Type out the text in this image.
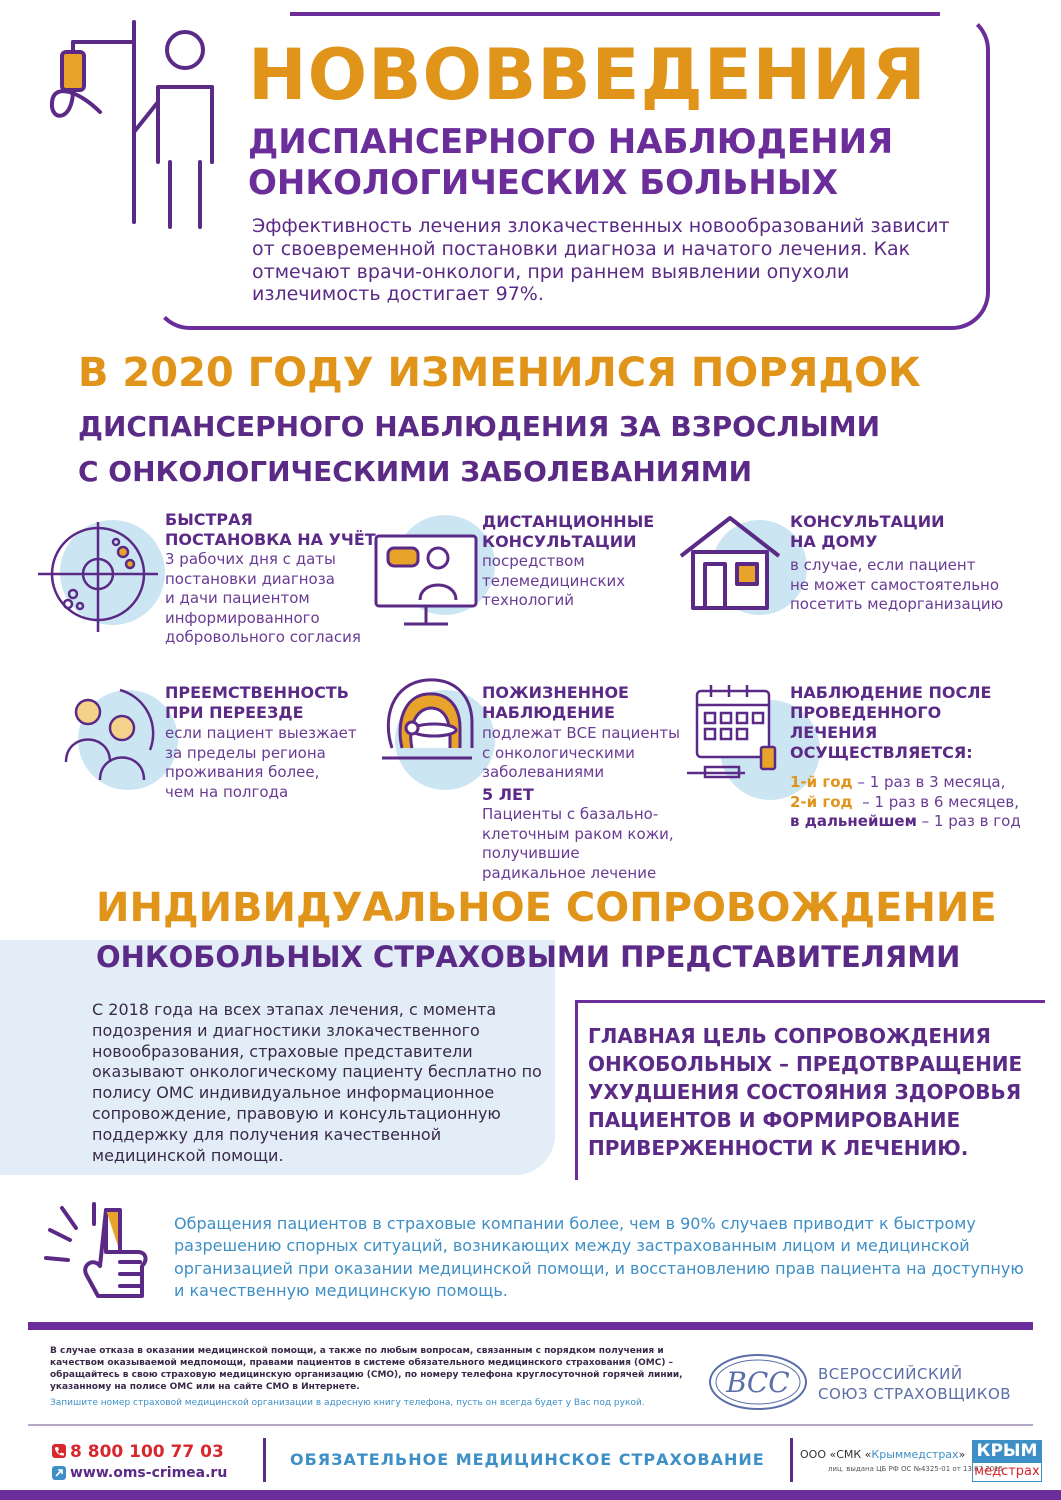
НОВОВВЕДЕНИЯ
ДИСПАНСЕРНОГО НАБЛЮДЕНИЯ
ОНКОЛОГИЧЕСКИХ БОЛЬНЫХ
Эффективность лечения злокачественных новообразований зависит от своевременной постановки диагноза и начатого лечения. Как отмечают врачи-онкологи, при раннем выявлении опухоли излечимость достигает 97%.
В 2020 ГОДУ ИЗМЕНИЛСЯ ПОРЯДОК
ДИСПАНСЕРНОГО НАБЛЮДЕНИЯ ЗА ВЗРОСЛЫМИ
С ОНКОЛОГИЧЕСКИМИ ЗАБОЛЕВАНИЯМИ
БЫСТРАЯ
ПОСТАНОВКА НА УЧЁТ
3 рабочих дня с даты
постановки диагноза
и дачи пациентом
информированного
добровольного согласия
ДИСТАНЦИОННЫЕ
КОНСУЛЬТАЦИИ
посредством
телемедицинских
технологий
КОНСУЛЬТАЦИИ
НА ДОМУ
в случае, если пациент
не может самостоятельно
посетить медорганизацию
ПРЕЕМСТВЕННОСТЬ
ПРИ ПЕРЕЕЗДЕ
если пациент выезжает
за пределы региона
проживания более,
чем на полгода
ПОЖИЗНЕННОЕ
НАБЛЮДЕНИЕ
подлежат ВСЕ пациенты
с онкологическими
заболеваниями
5 ЛЕТ
Пациенты с базально-
клеточным раком кожи,
получившие
радикальное лечение
НАБЛЮДЕНИЕ ПОСЛЕ
ПРОВЕДЕННОГО
ЛЕЧЕНИЯ
ОСУЩЕСТВЛЯЕТСЯ:
1-й год – 1 раз в 3 месяца,
2-й год  – 1 раз в 6 месяцев,
в дальнейшем – 1 раз в год
ИНДИВИДУАЛЬНОЕ СОПРОВОЖДЕНИЕ
ОНКОБОЛЬНЫХ СТРАХОВЫМИ ПРЕДСТАВИТЕЛЯМИ
С 2018 года на всех этапах лечения, с момента подозрения и диагностики злокачественного новообразования, страховые представители оказывают онкологическому пациенту бесплатно по полису ОМС индивидуальное информационное сопровождение, правовую и консультационную поддержку для получения качественной медицинской помощи.
ГЛАВНАЯ ЦЕЛЬ СОПРОВОЖДЕНИЯ ОНКОБОЛЬНЫХ – ПРЕДОТВРАЩЕНИЕ УХУДШЕНИЯ СОСТОЯНИЯ ЗДОРОВЬЯ ПАЦИЕНТОВ И ФОРМИРОВАНИЕ ПРИВЕРЖЕННОСТИ К ЛЕЧЕНИЮ.
Обращения пациентов в страховые компании более, чем в 90% случаев приводит к быстрому разрешению спорных ситуаций, возникающих между застрахованным лицом и медицинской организацией при оказании медицинской помощи, и восстановлению прав пациента на доступную и качественную медицинскую помощь.
В случае отказа в оказании медицинской помощи, а также по любым вопросам, связанным с порядком получения и качеством оказываемой медпомощи, правами пациентов в системе обязательного медицинского страхования (ОМС) – обращайтесь в свою страховую медицинскую организацию (СМО), по номеру телефона круглосуточной горячей линии, указанному на полисе ОМС или на сайте СМО в Интернете.
Запишите номер страховой медицинской организации в адресную книгу телефона, пусть он всегда будет у Вас под рукой.
ВСС ВСЕРОССИЙСКИЙ
СОЮЗ СТРАХОВЩИКОВ
8 800 100 77 03
www.oms-crimea.ru
ОБЯЗАТЕЛЬНОЕ МЕДИЦИНСКОЕ СТРАХОВАНИЕ	ООО «СМК «Крыммедстрах»
лиц. выдана ЦБ РФ ОС №4325-01 от 13.07.2015
КРЫМ
медстрах
